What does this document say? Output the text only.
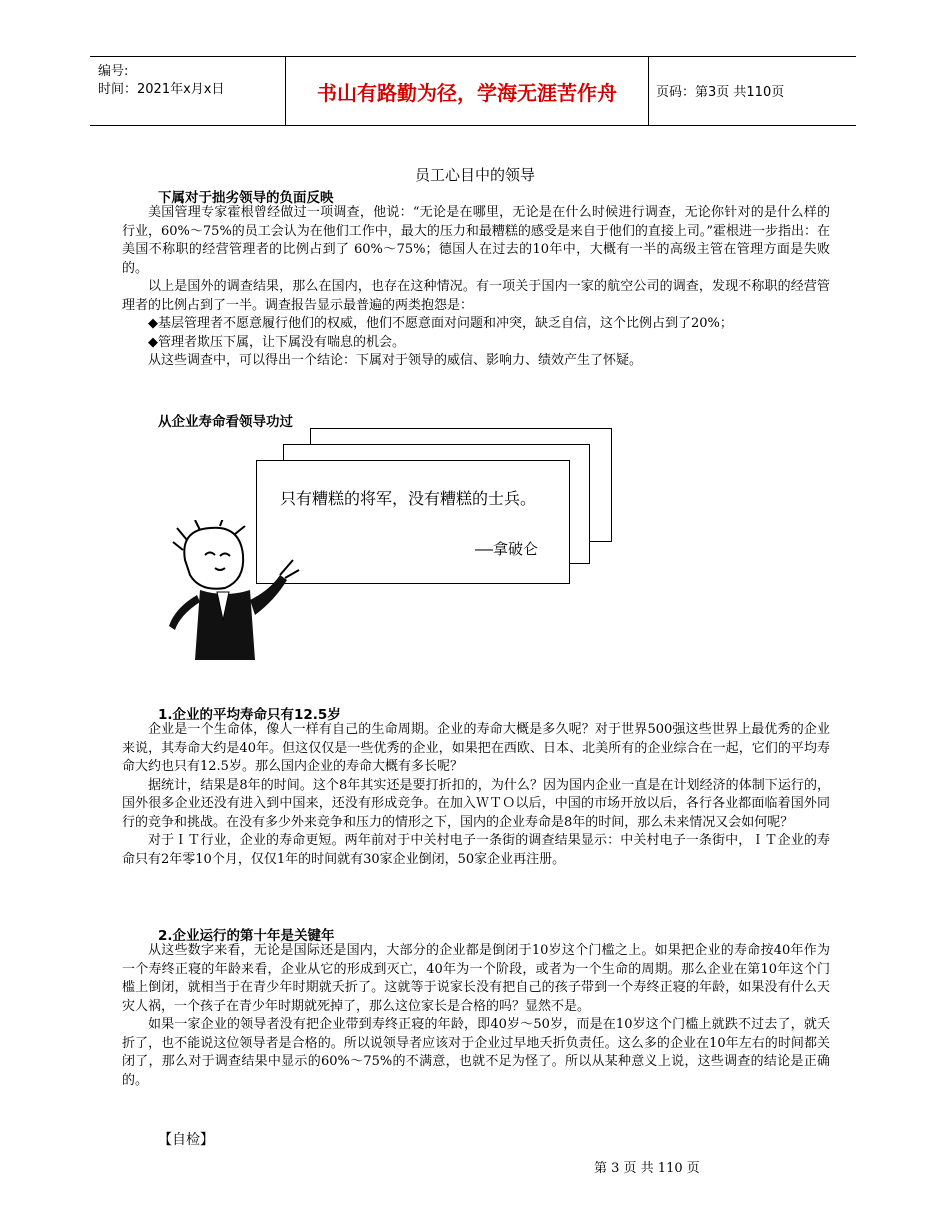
编号:
时间：2021年x月x日	书山有路勤为径，学海无涯苦作舟	页码：第3页 共110页
员工心目中的领导
下属对于拙劣领导的负面反映

美国管理专家霍根曾经做过一项调查，他说：“无论是在哪里，无论是在什么时候进行调查，无论你针对的是什么样的行业，60%～75%的员工会认为在他们工作中，最大的压力和最糟糕的感受是来自于他们的直接上司。”霍根进一步指出：在美国不称职的经营管理者的比例占到了 60%～75%；德国人在过去的10年中，大概有一半的高级主管在管理方面是失败的。

以上是国外的调查结果，那么在国内，也存在这种情况。有一项关于国内一家的航空公司的调查，发现不称职的经营管理者的比例占到了一半。调查报告显示最普遍的两类抱怨是：

◆基层管理者不愿意履行他们的权威，他们不愿意面对问题和冲突，缺乏自信，这个比例占到了20%；

◆管理者欺压下属，让下属没有喘息的机会。

从这些调查中，可以得出一个结论：下属对于领导的威信、影响力、绩效产生了怀疑。

从企业寿命看领导功过
只有糟糕的将军，没有糟糕的士兵。
——拿破仑
1.企业的平均寿命只有12.5岁

企业是一个生命体，像人一样有自己的生命周期。企业的寿命大概是多久呢？对于世界500强这些世界上最优秀的企业来说，其寿命大约是40年。但这仅仅是一些优秀的企业，如果把在西欧、日本、北美所有的企业综合在一起，它们的平均寿命大约也只有12.5岁。那么国内企业的寿命大概有多长呢？

据统计，结果是8年的时间。这个8年其实还是要打折扣的，为什么？因为国内企业一直是在计划经济的体制下运行的，国外很多企业还没有进入到中国来，还没有形成竞争。在加入ＷＴＯ以后，中国的市场开放以后，各行各业都面临着国外同行的竞争和挑战。在没有多少外来竞争和压力的情形之下，国内的企业寿命是8年的时间，那么未来情况又会如何呢？

对于ＩＴ行业，企业的寿命更短。两年前对于中关村电子一条街的调查结果显示：中关村电子一条街中，ＩＴ企业的寿命只有2年零10个月，仅仅1年的时间就有30家企业倒闭，50家企业再注册。

2.企业运行的第十年是关键年

从这些数字来看，无论是国际还是国内，大部分的企业都是倒闭于10岁这个门槛之上。如果把企业的寿命按40年作为一个寿终正寝的年龄来看，企业从它的形成到灭亡，40年为一个阶段，或者为一个生命的周期。那么企业在第10年这个门槛上倒闭，就相当于在青少年时期就夭折了。这就等于说家长没有把自己的孩子带到一个寿终正寝的年龄，如果没有什么天灾人祸，一个孩子在青少年时期就死掉了，那么这位家长是合格的吗？显然不是。

如果一家企业的领导者没有把企业带到寿终正寝的年龄，即40岁～50岁，而是在10岁这个门槛上就跌不过去了，就夭折了，也不能说这位领导者是合格的。所以说领导者应该对于企业过早地夭折负责任。这么多的企业在10年左右的时间都关闭了，那么对于调查结果中显示的60%～75%的不满意，也就不足为怪了。所以从某种意义上说，这些调查的结论是正确的。

【自检】
第 3 页 共 110 页
